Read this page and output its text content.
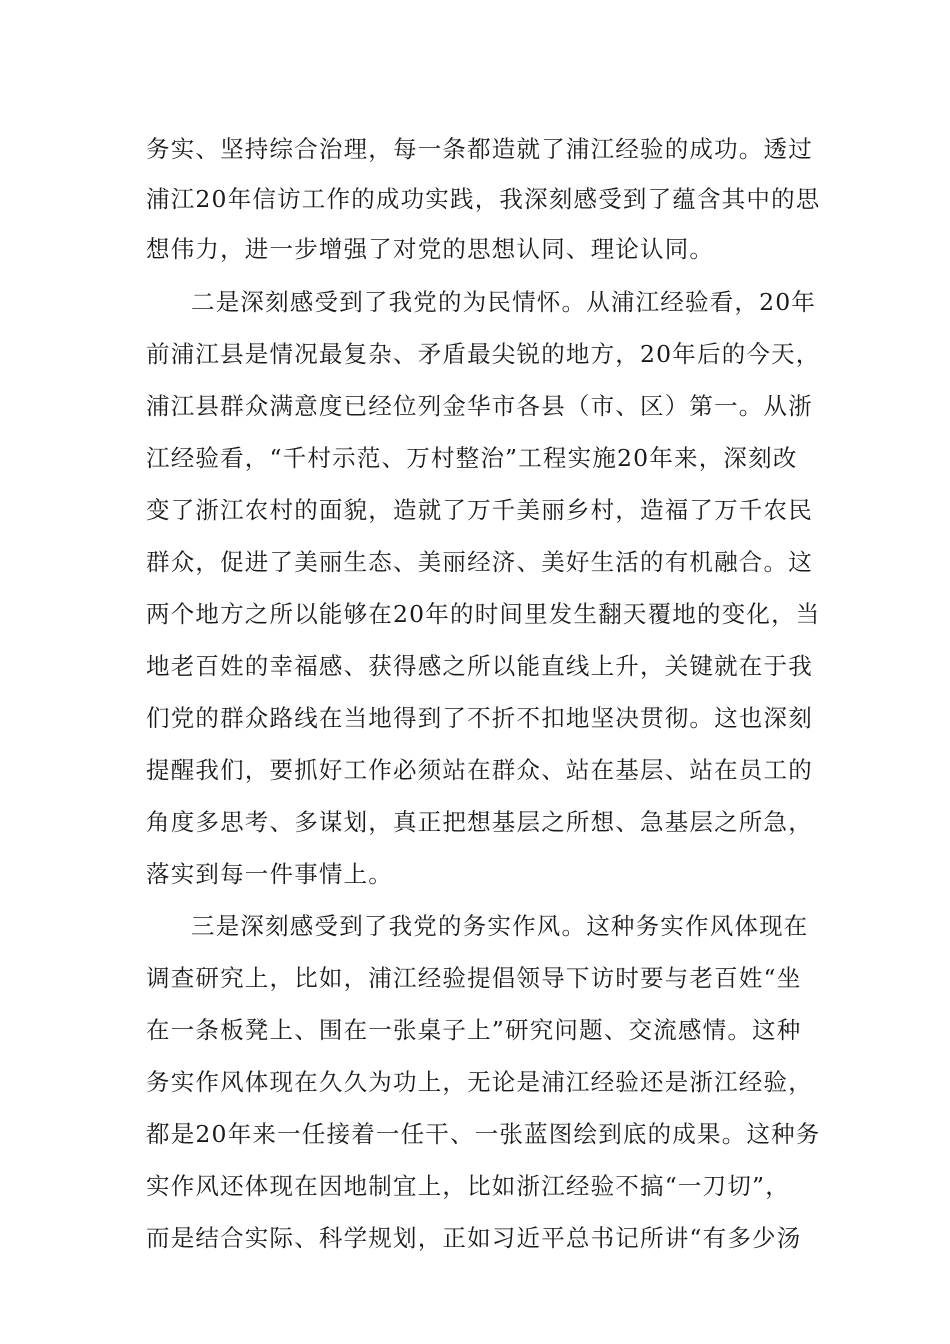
务实、坚持综合治理，每一条都造就了浦江经验的成功。透过
浦江20年信访工作的成功实践，我深刻感受到了蕴含其中的思
想伟力，进一步增强了对党的思想认同、理论认同。
二是深刻感受到了我党的为民情怀。从浦江经验看，20年
前浦江县是情况最复杂、矛盾最尖锐的地方，20年后的今天，
浦江县群众满意度已经位列金华市各县（市、区）第一。从浙
江经验看，“千村示范、万村整治”工程实施20年来，深刻改
变了浙江农村的面貌，造就了万千美丽乡村，造福了万千农民
群众，促进了美丽生态、美丽经济、美好生活的有机融合。这
两个地方之所以能够在20年的时间里发生翻天覆地的变化，当
地老百姓的幸福感、获得感之所以能直线上升，关键就在于我
们党的群众路线在当地得到了不折不扣地坚决贯彻。这也深刻
提醒我们，要抓好工作必须站在群众、站在基层、站在员工的
角度多思考、多谋划，真正把想基层之所想、急基层之所急，
落实到每一件事情上。
三是深刻感受到了我党的务实作风。这种务实作风体现在
调查研究上，比如，浦江经验提倡领导下访时要与老百姓“坐
在一条板凳上、围在一张桌子上”研究问题、交流感情。这种
务实作风体现在久久为功上，无论是浦江经验还是浙江经验，
都是20年来一任接着一任干、一张蓝图绘到底的成果。这种务
实作风还体现在因地制宜上，比如浙江经验不搞“一刀切”，
而是结合实际、科学规划，正如习近平总书记所讲“有多少汤
